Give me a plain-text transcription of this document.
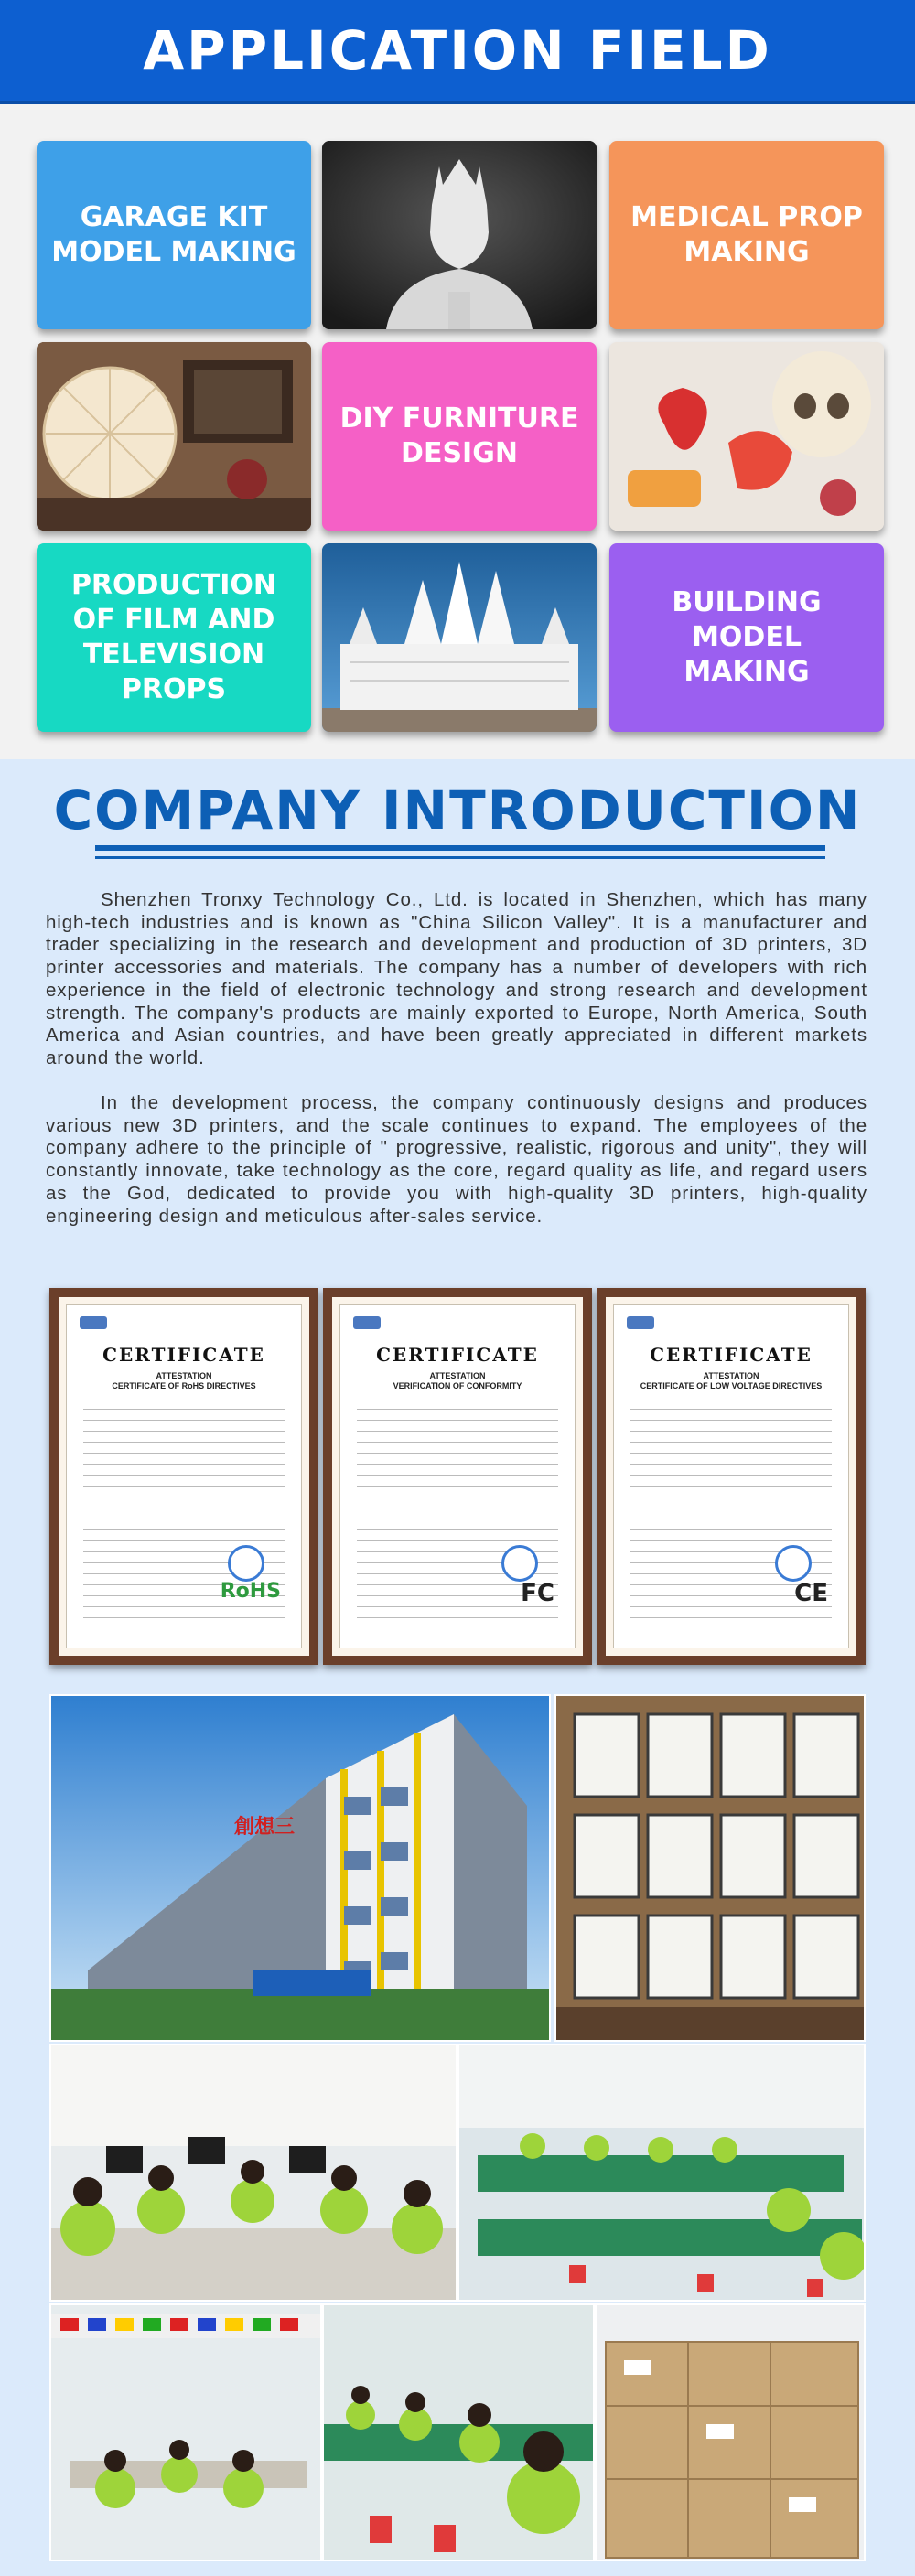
APPLICATION FIELD
GARAGE KIT
MODEL MAKING
MEDICAL PROP
MAKING
DIY FURNITURE
DESIGN
PRODUCTION
OF FILM AND
TELEVISION PROPS
BUILDING MODEL
MAKING
COMPANY INTRODUCTION
Shenzhen Tronxy Technology Co., Ltd. is located in Shenzhen, which has many high-tech industries and is known as "China Silicon Valley". It is a manufacturer and trader specializing in the research and development and production of 3D printers, 3D printer accessories and materials. The company has a number of developers with rich experience in the field of electronic technology and strong research and development strength. The company's products are mainly exported to Europe, North America, South America and Asian countries, and have been greatly appreciated in different markets around the world.
In the development process, the company continuously designs and produces various new 3D printers, and the scale continues to expand. The employees of the company adhere to the principle of " progressive, realistic, rigorous and unity", they will constantly innovate, take technology as the core, regard quality as life, and regard users as the God, dedicated to provide you with high-quality 3D printers, high-quality engineering design and meticulous after-sales service.
CERTIFICATE
ATTESTATION
CERTIFICATE OF RoHS DIRECTIVES
RoHS
CERTIFICATE
ATTESTATION
VERIFICATION OF CONFORMITY
FC
CERTIFICATE
ATTESTATION
CERTIFICATE OF LOW VOLTAGE DIRECTIVES
CE
創想三
